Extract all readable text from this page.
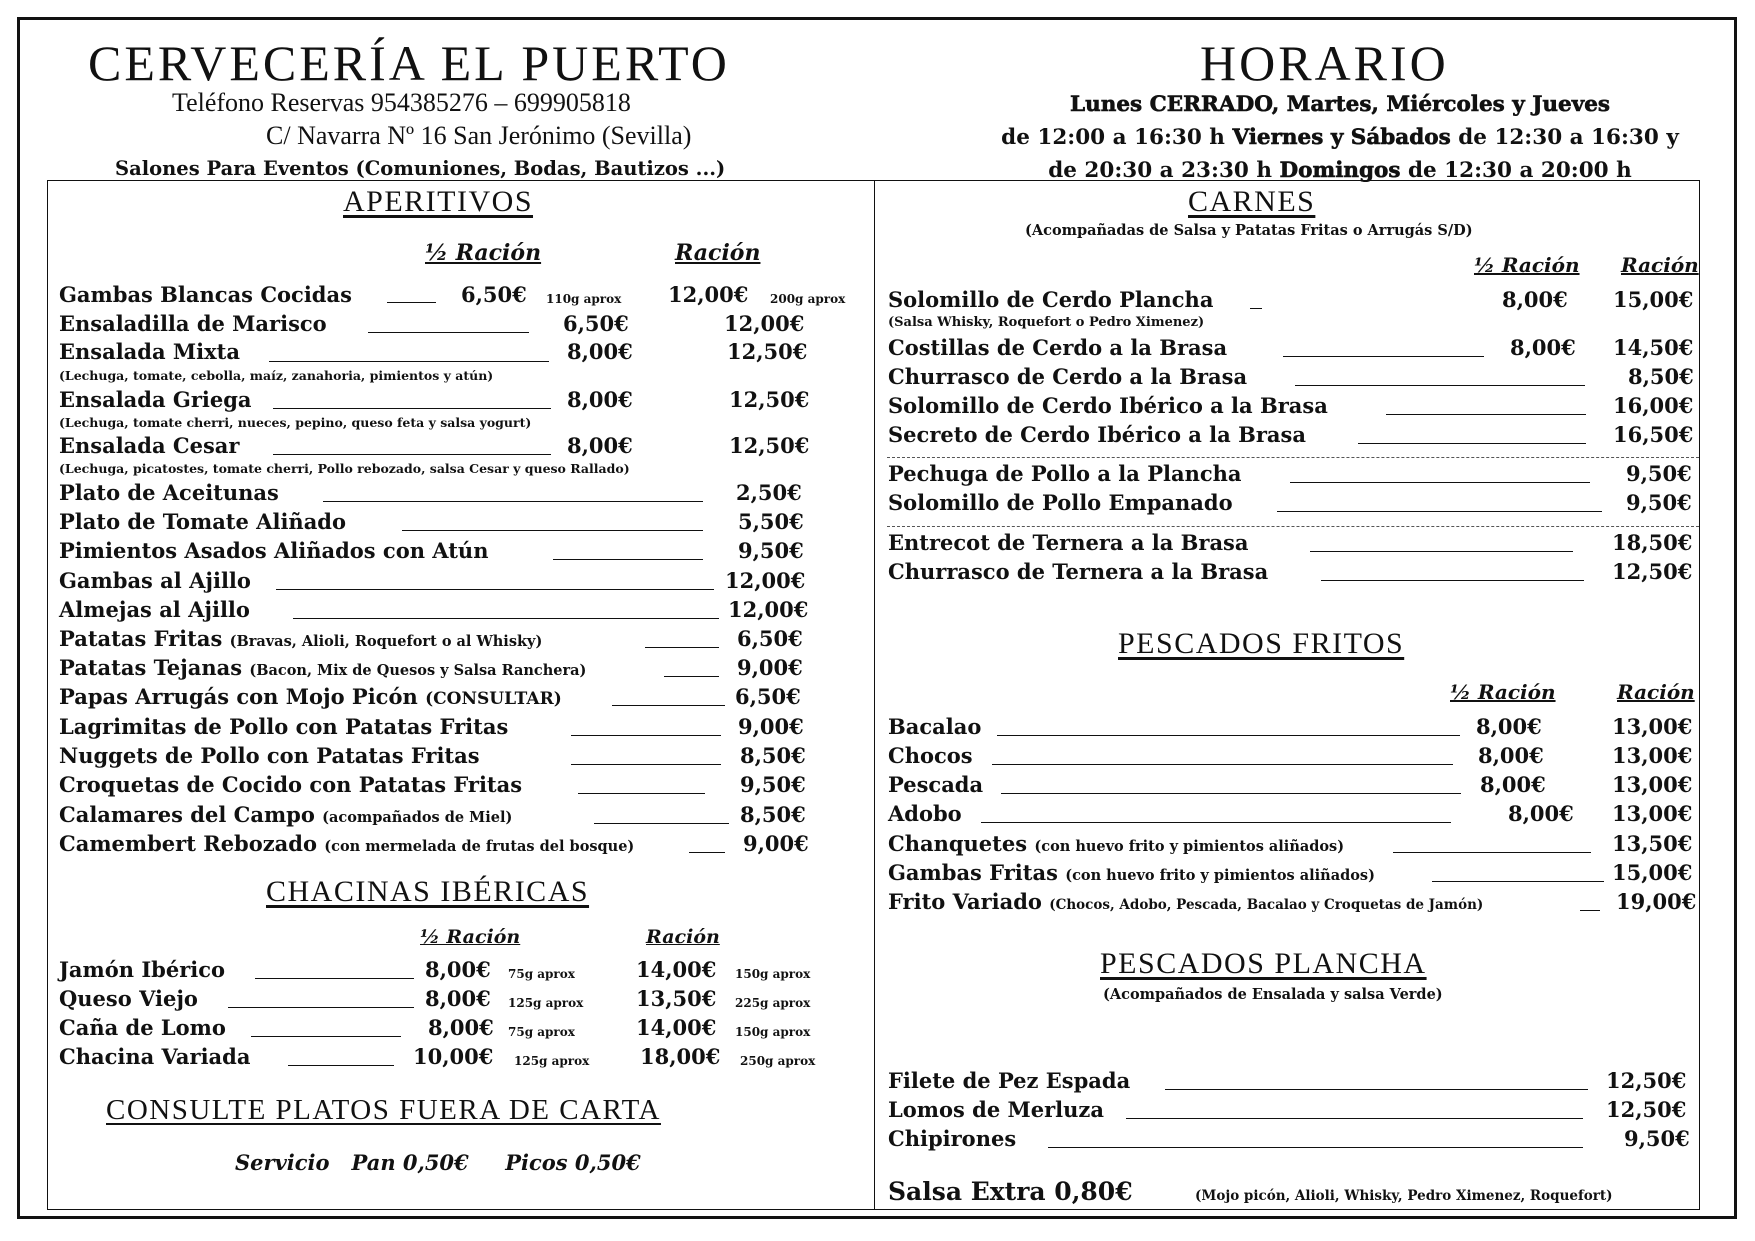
CERVECERÍA EL PUERTO
Teléfono Reservas 954385276 – 699905818
C/ Navarra Nº 16 San Jerónimo (Sevilla)
Salones Para Eventos (Comuniones, Bodas, Bautizos ...)
HORARIO
Lunes CERRADO, Martes, Miércoles y Jueves
de 12:00 a 16:30 h Viernes y Sábados de 12:30 a 16:30 y
de 20:30 a 23:30 h Domingos de 12:30 a 20:00 h
APERITIVOS
½ Ración	Ración
Gambas Blancas Cocidas	6,50€ 110g aprox 12,00€ 200g aprox
Ensaladilla de Marisco	6,50€	12,00€
Ensalada Mixta	8,00€	12,50€
(Lechuga, tomate, cebolla, maíz, zanahoria, pimientos y atún)
Ensalada Griega	8,00€	12,50€
(Lechuga, tomate cherri, nueces, pepino, queso feta y salsa yogurt)
Ensalada Cesar	8,00€	12,50€
(Lechuga, picatostes, tomate cherri, Pollo rebozado, salsa Cesar y queso Rallado)
Plato de Aceitunas	2,50€
Plato de Tomate Aliñado	5,50€
Pimientos Asados Aliñados con Atún	9,50€
Gambas al Ajillo	12,00€
Almejas al Ajillo	12,00€
Patatas Fritas (Bravas, Alioli, Roquefort o al Whisky)	6,50€
Patatas Tejanas (Bacon, Mix de Quesos y Salsa Ranchera)	9,00€
Papas Arrugás con Mojo Picón (CONSULTAR)	6,50€
Lagrimitas de Pollo con Patatas Fritas	9,00€
Nuggets de Pollo con Patatas Fritas	8,50€
Croquetas de Cocido con Patatas Fritas	9,50€
Calamares del Campo (acompañados de Miel)	8,50€
Camembert Rebozado (con mermelada de frutas del bosque)	9,00€
CHACINAS IBÉRICAS
½ Ración	Ración
Jamón Ibérico	8,00€ 75g aprox	14,00€ 150g aprox
Queso Viejo	8,00€ 125g aprox	13,50€ 225g aprox
Caña de Lomo	8,00€ 75g aprox	14,00€ 150g aprox
Chacina Variada	10,00€ 125g aprox 18,00€ 250g aprox
CONSULTE PLATOS FUERA DE CARTA
Servicio Pan 0,50€ Picos 0,50€
CARNES
(Acompañadas de Salsa y Patatas Fritas o Arrugás S/D)
½ Ración Ración
Solomillo de Cerdo Plancha	8,00€ 15,00€
(Salsa Whisky, Roquefort o Pedro Ximenez)
Costillas de Cerdo a la Brasa	8,00€ 14,50€
Churrasco de Cerdo a la Brasa	8,50€
Solomillo de Cerdo Ibérico a la Brasa	16,00€
Secreto de Cerdo Ibérico a la Brasa	16,50€
Pechuga de Pollo a la Plancha	9,50€
Solomillo de Pollo Empanado	9,50€
Entrecot de Ternera a la Brasa	18,50€
Churrasco de Ternera a la Brasa	12,50€
PESCADOS FRITOS
½ Ración	Ración
Bacalao	8,00€	13,00€
Chocos	8,00€	13,00€
Pescada	8,00€	13,00€
Adobo	8,00€ 13,00€
Chanquetes (con huevo frito y pimientos aliñados)	13,50€
Gambas Fritas (con huevo frito y pimientos aliñados)	15,00€
Frito Variado (Chocos, Adobo, Pescada, Bacalao y Croquetas de Jamón)	19,00€
PESCADOS PLANCHA
(Acompañados de Ensalada y salsa Verde)
Filete de Pez Espada	12,50€
Lomos de Merluza	12,50€
Chipirones	9,50€
Salsa Extra 0,80€	(Mojo picón, Alioli, Whisky, Pedro Ximenez, Roquefort)
